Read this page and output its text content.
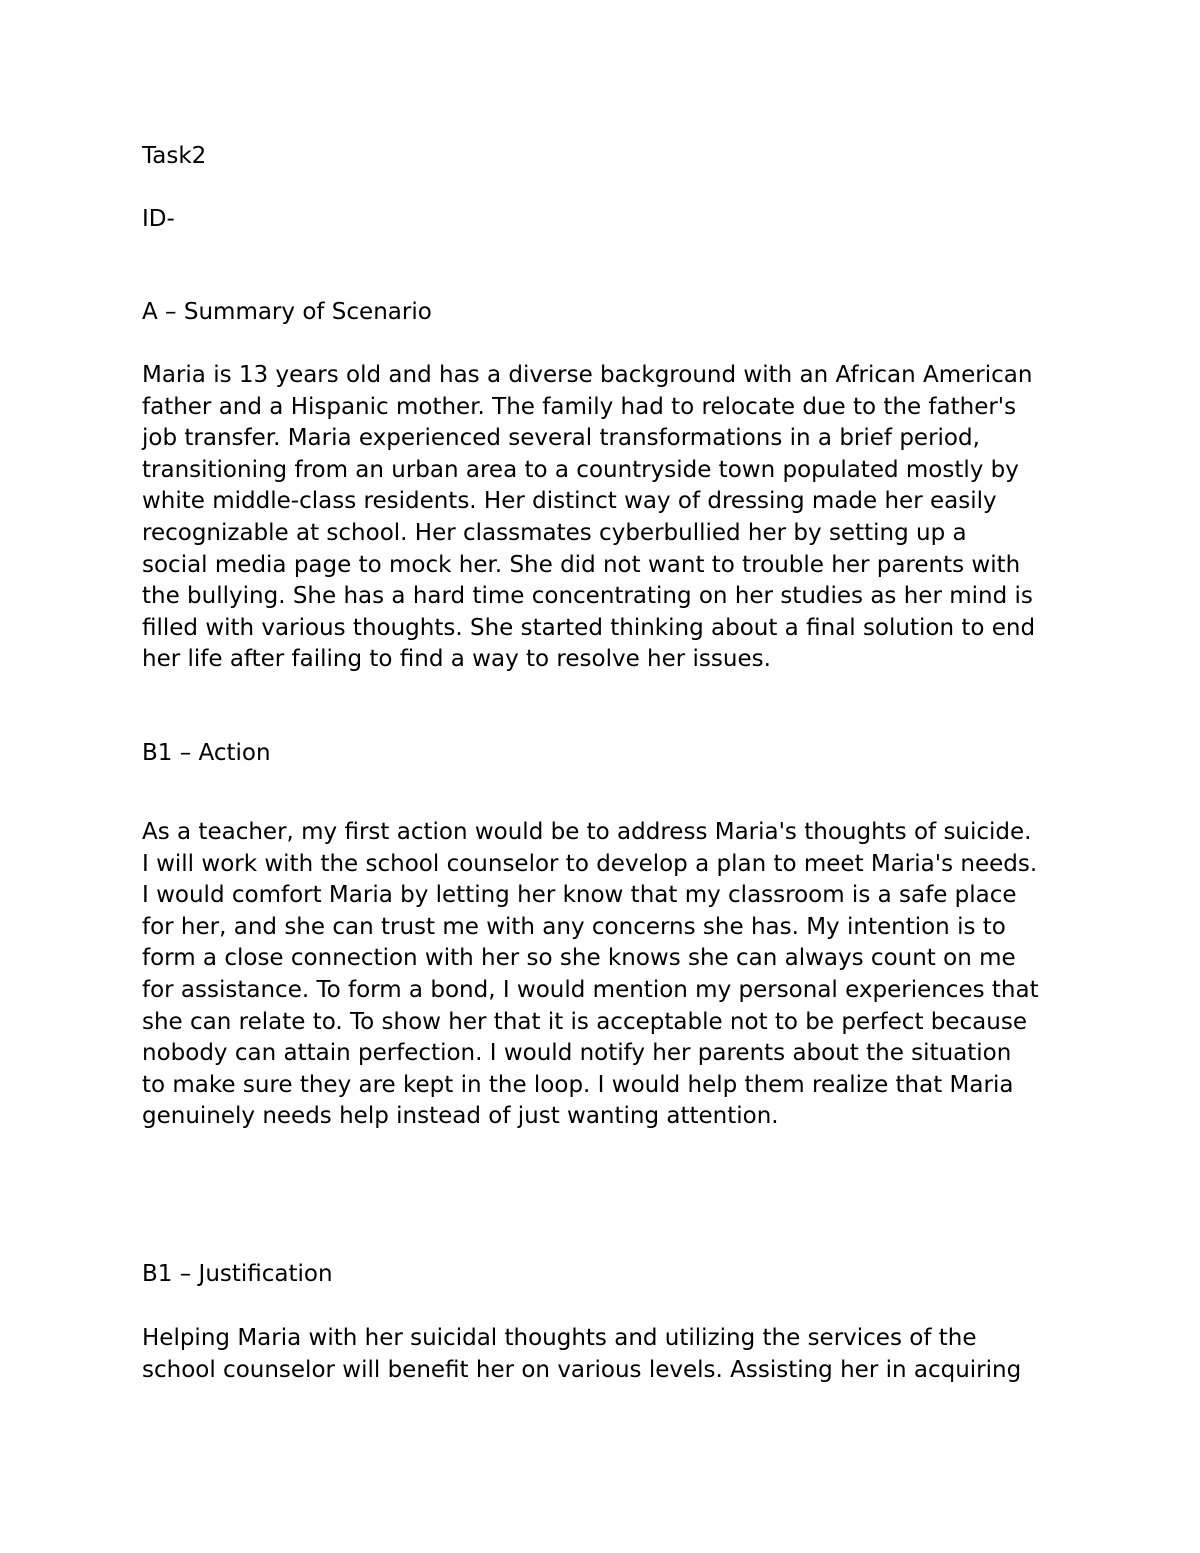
Task2

ID-

A – Summary of Scenario

Maria is 13 years old and has a diverse background with an African American
father and a Hispanic mother. The family had to relocate due to the father's
job transfer. Maria experienced several transformations in a brief period,
transitioning from an urban area to a countryside town populated mostly by
white middle-class residents. Her distinct way of dressing made her easily
recognizable at school. Her classmates cyberbullied her by setting up a
social media page to mock her. She did not want to trouble her parents with
the bullying. She has a hard time concentrating on her studies as her mind is
filled with various thoughts. She started thinking about a final solution to end
her life after failing to find a way to resolve her issues.

B1 – Action

As a teacher, my first action would be to address Maria's thoughts of suicide.
I will work with the school counselor to develop a plan to meet Maria's needs.
I would comfort Maria by letting her know that my classroom is a safe place
for her, and she can trust me with any concerns she has. My intention is to
form a close connection with her so she knows she can always count on me
for assistance. To form a bond, I would mention my personal experiences that
she can relate to. To show her that it is acceptable not to be perfect because
nobody can attain perfection. I would notify her parents about the situation
to make sure they are kept in the loop. I would help them realize that Maria
genuinely needs help instead of just wanting attention.

B1 – Justification

Helping Maria with her suicidal thoughts and utilizing the services of the
school counselor will benefit her on various levels. Assisting her in acquiring
